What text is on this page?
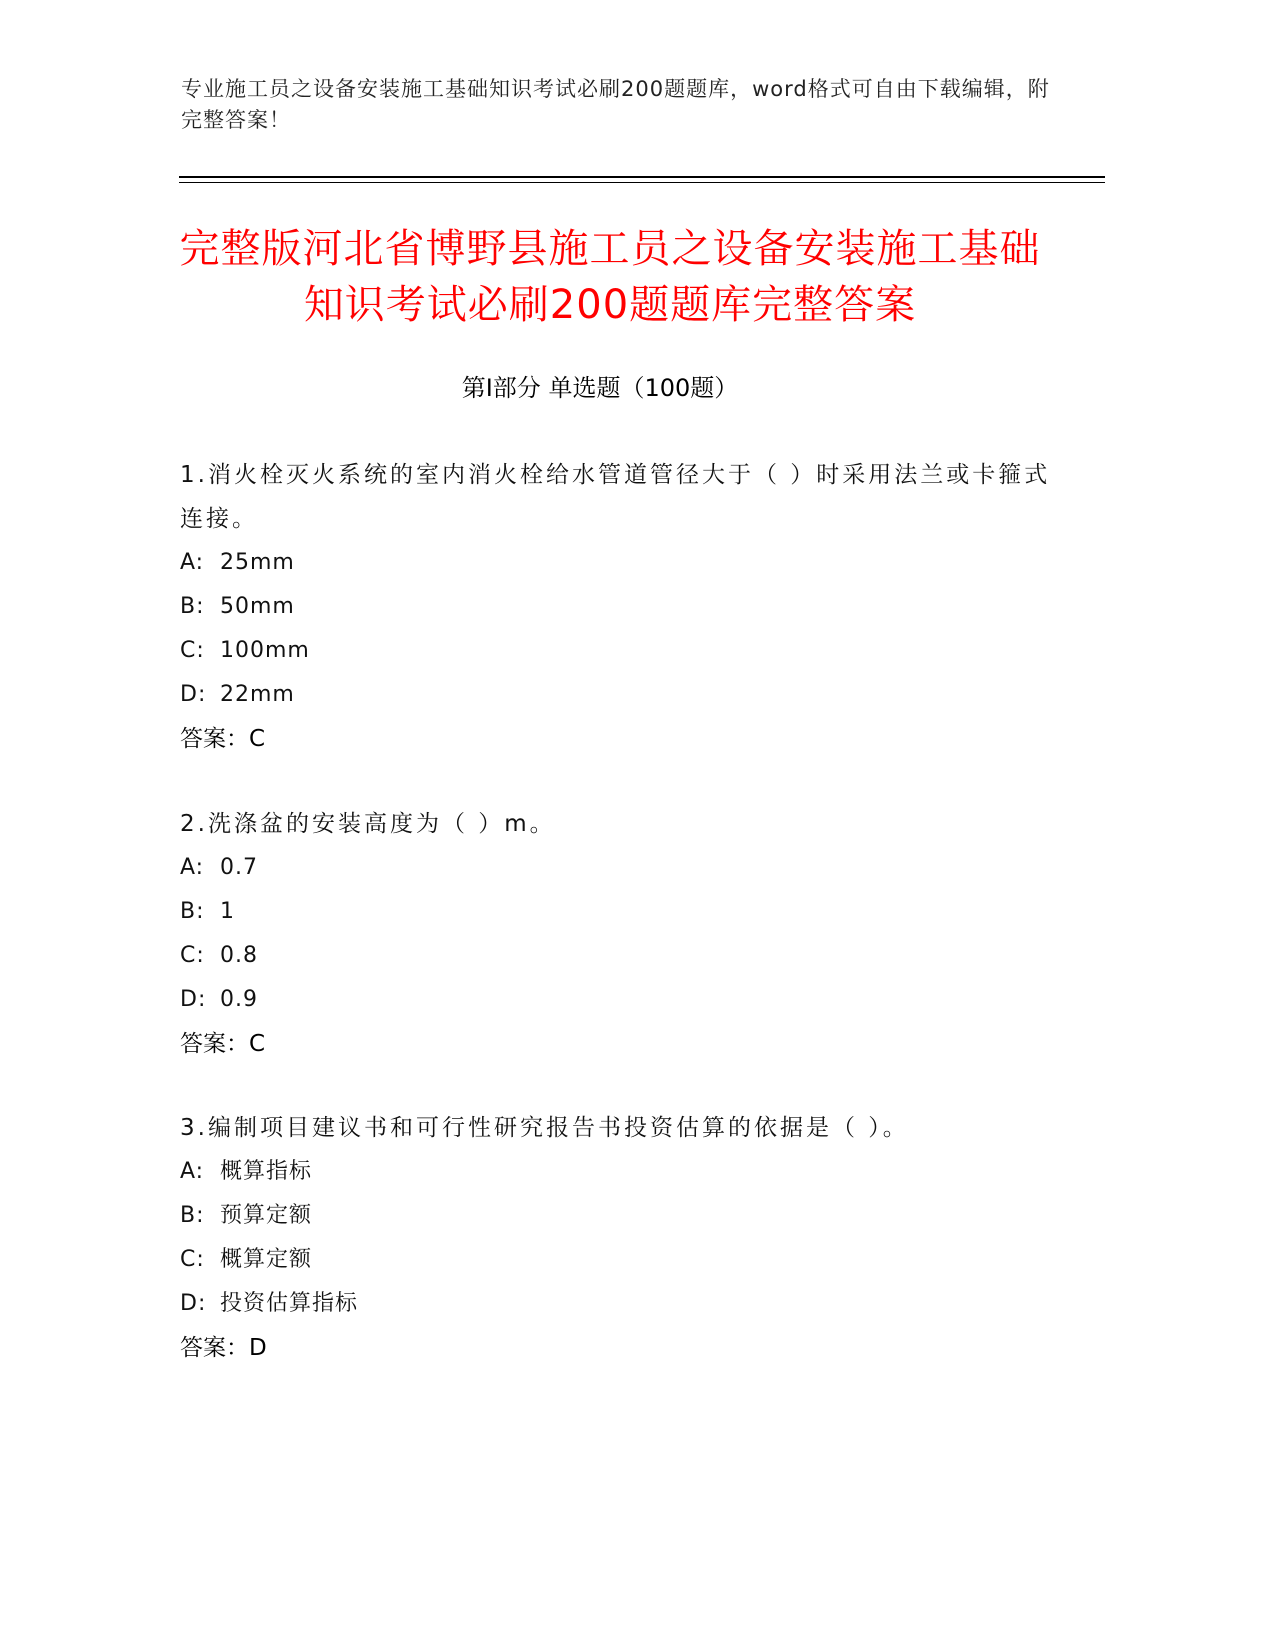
专业施工员之设备安装施工基础知识考试必刷200题题库，word格式可自由下载编辑，附完整答案！
完整版河北省博野县施工员之设备安装施工基础知识考试必刷200题题库完整答案
第Ⅰ部分 单选题（100题）
1.消火栓灭火系统的室内消火栓给水管道管径大于（ ）时采用法兰或卡箍式连接。
A: 25mm
B: 50mm
C: 100mm
D: 22mm
答案：C
2.洗涤盆的安装高度为（ ）m。
A: 0.7
B: 1
C: 0.8
D: 0.9
答案：C
3.编制项目建议书和可行性研究报告书投资估算的依据是（ ）。
A: 概算指标
B: 预算定额
C: 概算定额
D: 投资估算指标
答案：D
